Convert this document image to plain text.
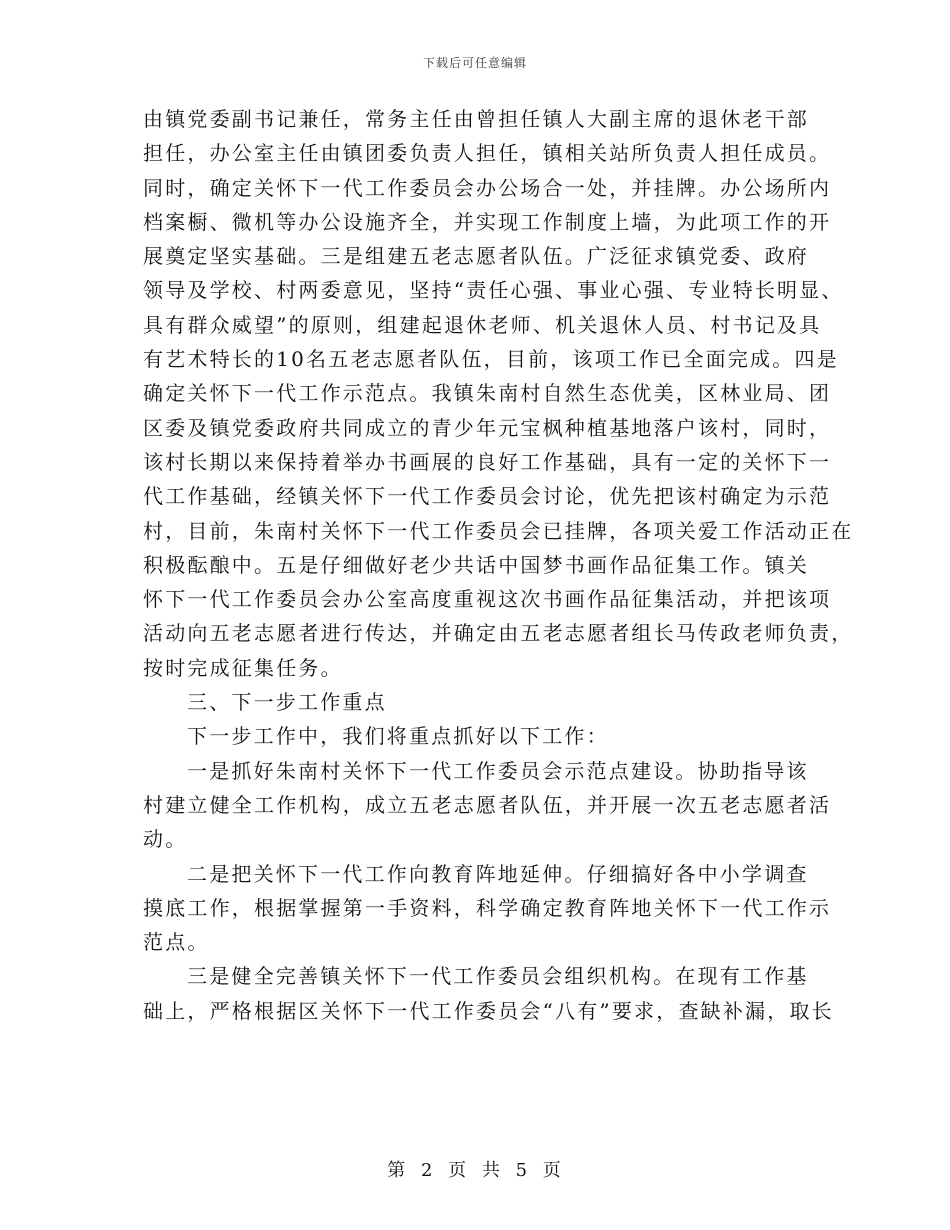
下载后可任意编辑
由镇党委副书记兼任，常务主任由曾担任镇人大副主席的退休老干部
担任，办公室主任由镇团委负责人担任，镇相关站所负责人担任成员。
同时，确定关怀下一代工作委员会办公场合一处，并挂牌。办公场所内
档案橱、微机等办公设施齐全，并实现工作制度上墙，为此项工作的开
展奠定坚实基础。三是组建五老志愿者队伍。广泛征求镇党委、政府
领导及学校、村两委意见，坚持“责任心强、事业心强、专业特长明显、
具有群众威望”的原则，组建起退休老师、机关退休人员、村书记及具
有艺术特长的10名五老志愿者队伍，目前，该项工作已全面完成。四是
确定关怀下一代工作示范点。我镇朱南村自然生态优美，区林业局、团
区委及镇党委政府共同成立的青少年元宝枫种植基地落户该村，同时，
该村长期以来保持着举办书画展的良好工作基础，具有一定的关怀下一
代工作基础，经镇关怀下一代工作委员会讨论，优先把该村确定为示范
村，目前，朱南村关怀下一代工作委员会已挂牌，各项关爱工作活动正在
积极酝酿中。五是仔细做好老少共话中国梦书画作品征集工作。镇关
怀下一代工作委员会办公室高度重视这次书画作品征集活动，并把该项
活动向五老志愿者进行传达，并确定由五老志愿者组长马传政老师负责，
按时完成征集任务。
三、下一步工作重点
下一步工作中，我们将重点抓好以下工作：
一是抓好朱南村关怀下一代工作委员会示范点建设。协助指导该
村建立健全工作机构，成立五老志愿者队伍，并开展一次五老志愿者活
动。
二是把关怀下一代工作向教育阵地延伸。仔细搞好各中小学调查
摸底工作，根据掌握第一手资料，科学确定教育阵地关怀下一代工作示
范点。
三是健全完善镇关怀下一代工作委员会组织机构。在现有工作基
础上，严格根据区关怀下一代工作委员会“八有”要求，查缺补漏，取长
第 2 页 共 5 页
